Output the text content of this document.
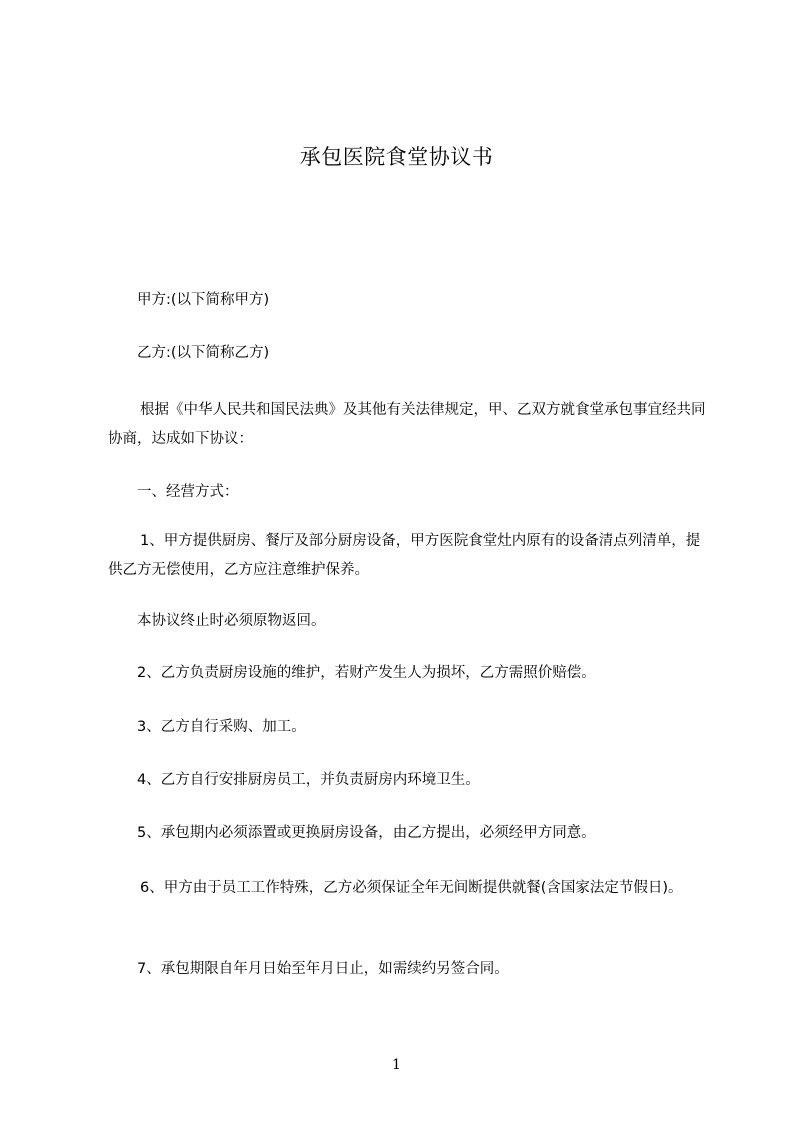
承包医院食堂协议书
甲方:(以下简称甲方)
乙方:(以下简称乙方)
根据《中华人民共和国民法典》及其他有关法律规定，甲、乙双方就食堂承包事宜经共同协商，达成如下协议：
一、经营方式：
1、甲方提供厨房、餐厅及部分厨房设备，甲方医院食堂灶内原有的设备清点列清单，提供乙方无偿使用，乙方应注意维护保养。
本协议终止时必须原物返回。
2、乙方负责厨房设施的维护，若财产发生人为损坏，乙方需照价赔偿。
3、乙方自行采购、加工。
4、乙方自行安排厨房员工，并负责厨房内环境卫生。
5、承包期内必须添置或更换厨房设备，由乙方提出，必须经甲方同意。
6、甲方由于员工工作特殊，乙方必须保证全年无间断提供就餐(含国家法定节假日)。
7、承包期限自年月日始至年月日止，如需续约另签合同。
1
